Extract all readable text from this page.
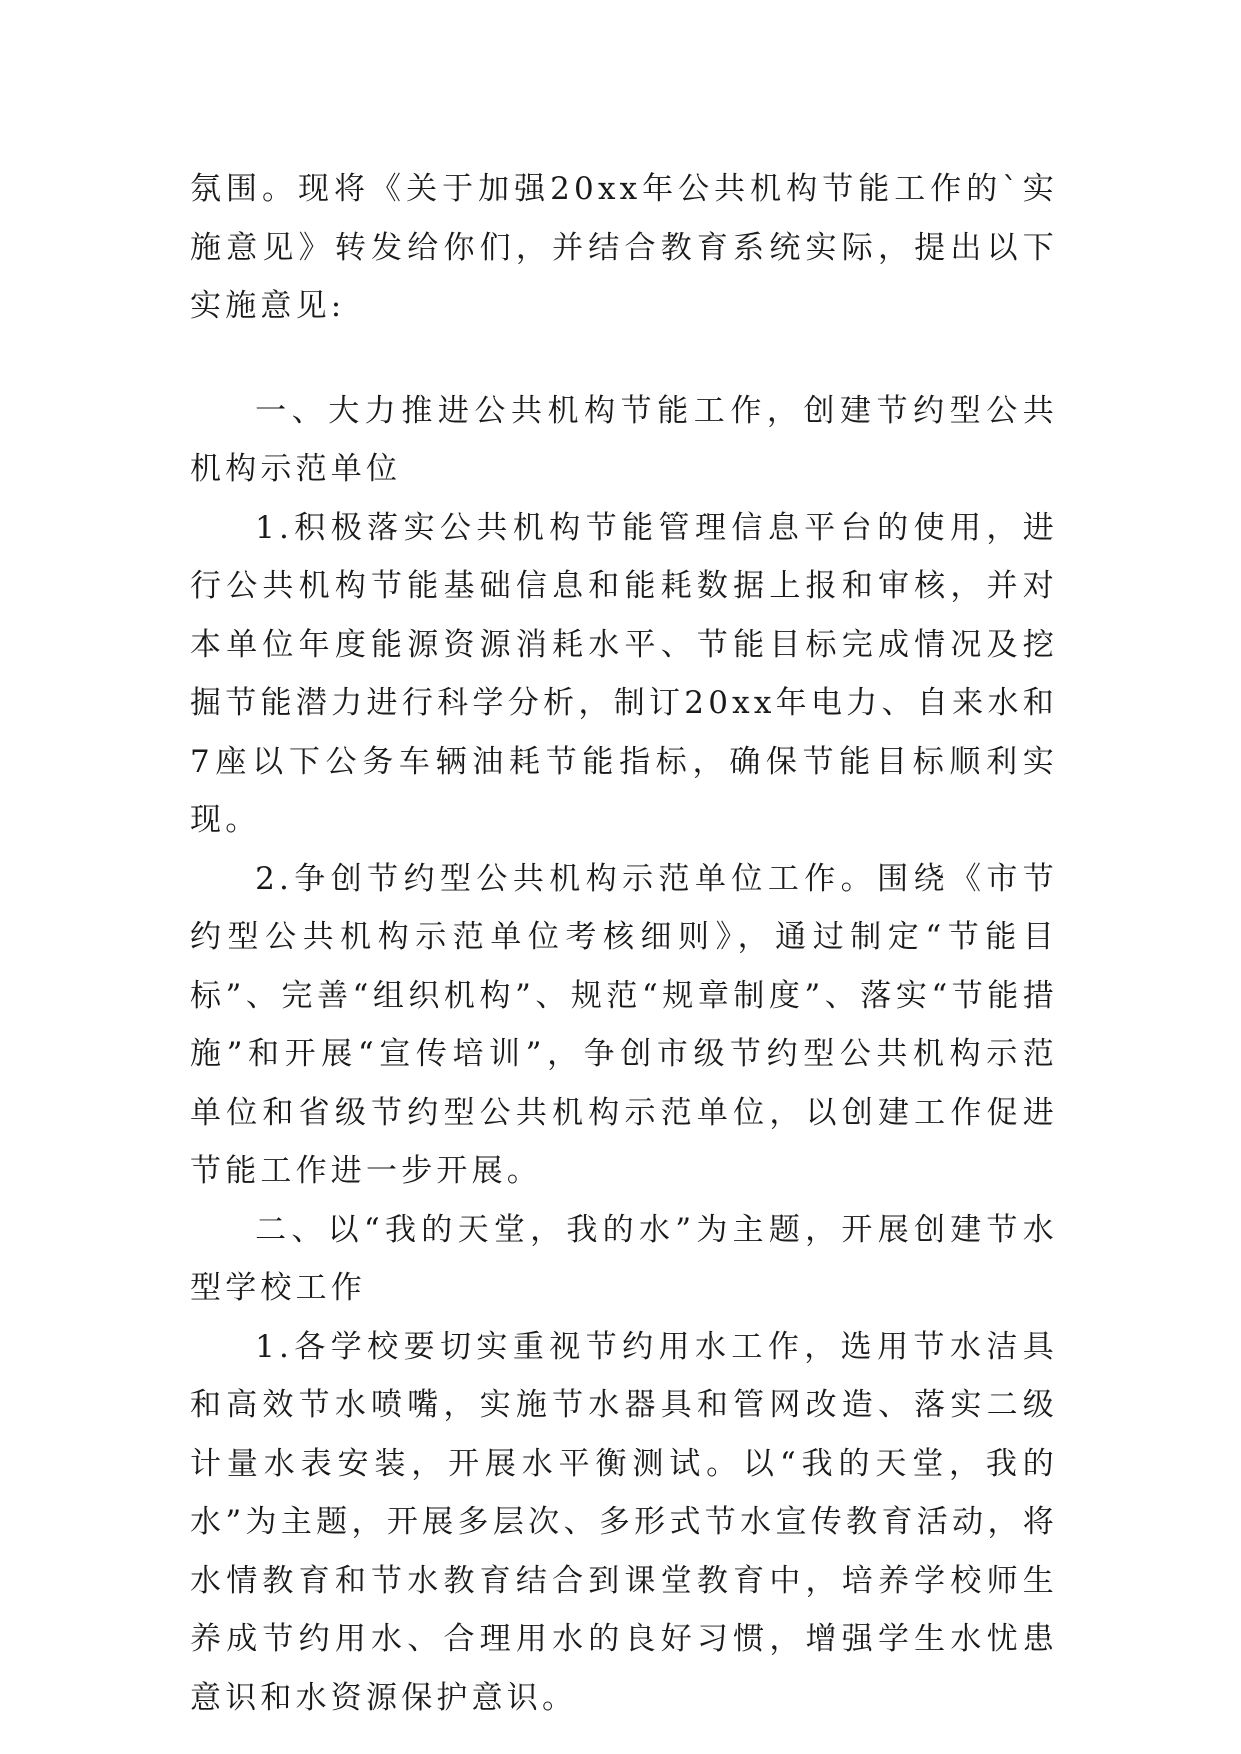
氛围。现将《关于加强20xx年公共机构节能工作的`实施意见》转发给你们，并结合教育系统实际，提出以下实施意见:

一、大力推进公共机构节能工作，创建节约型公共机构示范单位

1.积极落实公共机构节能管理信息平台的使用，进行公共机构节能基础信息和能耗数据上报和审核，并对本单位年度能源资源消耗水平、节能目标完成情况及挖掘节能潜力进行科学分析，制订20xx年电力、自来水和7座以下公务车辆油耗节能指标，确保节能目标顺利实现。

2.争创节约型公共机构示范单位工作。围绕《市节约型公共机构示范单位考核细则》，通过制定“节能目标”、完善“组织机构”、规范“规章制度”、落实“节能措施”和开展“宣传培训”，争创市级节约型公共机构示范单位和省级节约型公共机构示范单位，以创建工作促进节能工作进一步开展。

二、以“我的天堂，我的水”为主题，开展创建节水型学校工作

1.各学校要切实重视节约用水工作，选用节水洁具和高效节水喷嘴，实施节水器具和管网改造、落实二级计量水表安装，开展水平衡测试。以“我的天堂，我的水”为主题，开展多层次、多形式节水宣传教育活动，将水情教育和节水教育结合到课堂教育中，培养学校师生养成节约用水、合理用水的良好习惯，增强学生水忧患意识和水资源保护意识。
